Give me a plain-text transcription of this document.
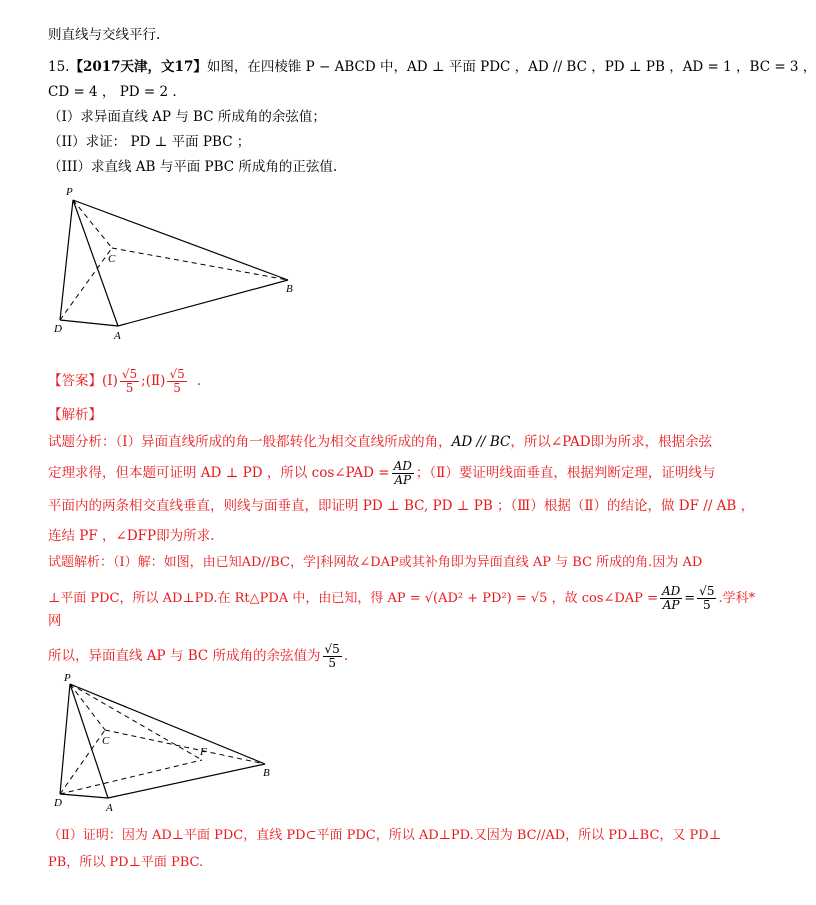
则直线与交线平行.
15.【2017天津，文17】如图，在四棱锥 P − ABCD 中，AD ⊥ 平面 PDC ，AD // BC ，PD ⊥ PB ，AD = 1 ，BC = 3 ，
CD = 4 ， PD = 2 .
（I）求异面直线 AP 与 BC 所成角的余弦值；
（II）求证： PD ⊥ 平面 PBC ；
（III）求直线 AB 与平面 PBC 所成角的正弦值.
P
C
B
D
A
【答案】(Ⅰ) $\frac{√5}{5}$ ;(Ⅱ) $\frac{√5}{5}$ .
【解析】
试题分析：（Ⅰ）异面直线所成的角一般都转化为相交直线所成的角，AD // BC，所以∠PAD即为所求，根据余弦
定理求得，但本题可证明 AD ⊥ PD ，所以 cos∠PAD = $\frac{AD}{AP}$ ；（Ⅱ）要证明线面垂直，根据判断定理，证明线与
平面内的两条相交直线垂直，则线与面垂直，即证明 PD ⊥ BC, PD ⊥ PB ；（Ⅲ）根据（Ⅱ）的结论，做 DF // AB ，
连结 PF ，∠DFP即为所求.
试题解析：（Ⅰ）解：如图，由已知AD//BC，学|科网故∠DAP或其补角即为异面直线 AP 与 BC 所成的角.因为 AD
⊥平面 PDC，所以 AD⊥PD.在 Rt△PDA 中，由已知，得 AP = √(AD² + PD²) = √5 ，故 cos∠DAP = $\frac{AD}{AP} = \frac{√5}{5}$ .学科*
网
所以，异面直线 AP 与 BC 所成角的余弦值为 $\frac{√5}{5}$ .
P
C
F
B
D	A
（Ⅱ）证明：因为 AD⊥平面 PDC，直线 PD⊂平面 PDC，所以 AD⊥PD.又因为 BC//AD，所以 PD⊥BC，又 PD⊥
PB，所以 PD⊥平面 PBC.
